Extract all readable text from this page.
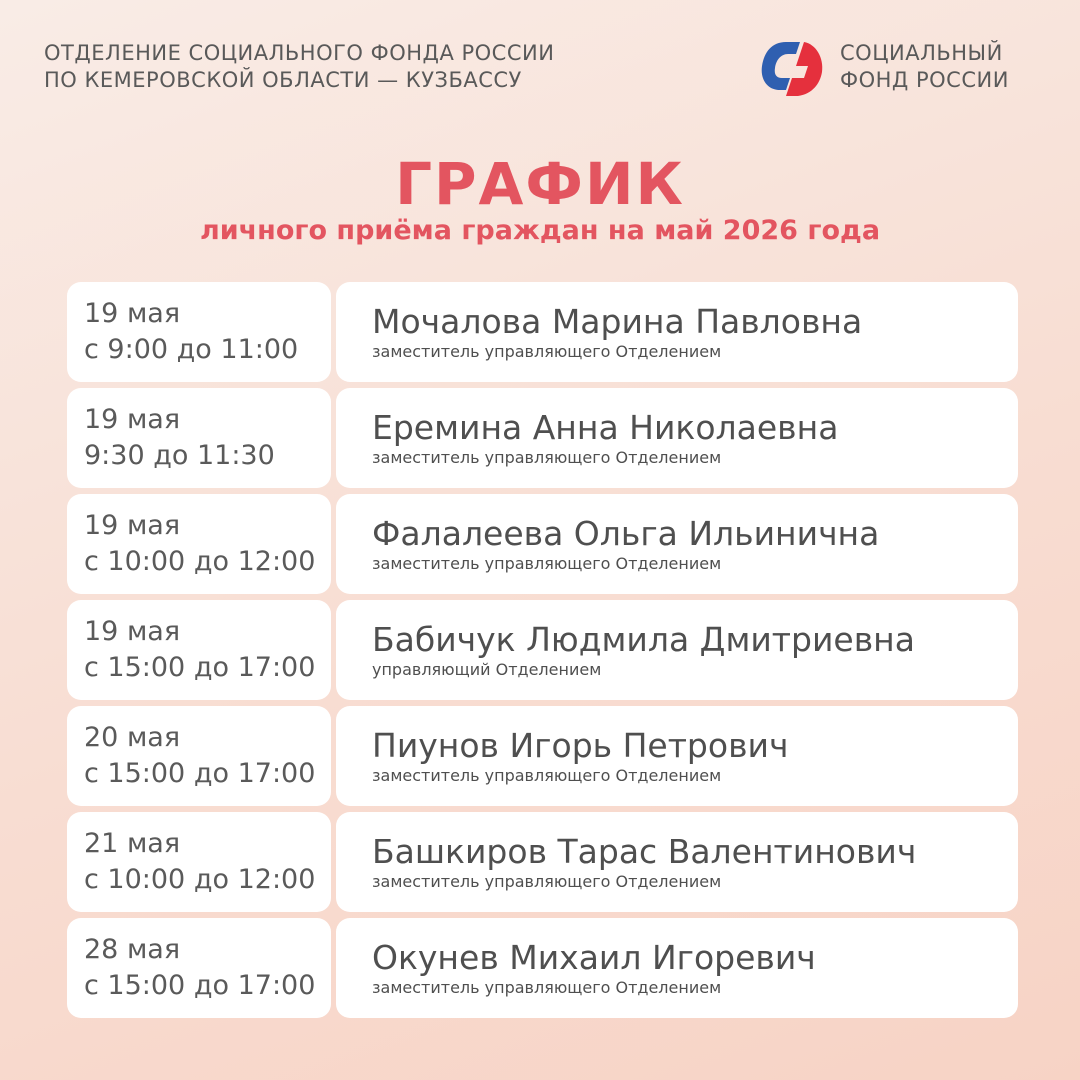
ОТДЕЛЕНИЕ СОЦИАЛЬНОГО ФОНДА РОССИИ
ПО КЕМЕРОВСКОЙ ОБЛАСТИ — КУЗБАССУ
СОЦИАЛЬНЫЙ
ФОНД РОССИИ
ГРАФИК
личного приёма граждан на май 2026 года
19 мая
с 9:00 до 11:00
Мочалова Марина Павловна
заместитель управляющего Отделением
19 мая
9:30 до 11:30
Еремина Анна Николаевна
заместитель управляющего Отделением
19 мая
с 10:00 до 12:00
Фалалеева Ольга Ильинична
заместитель управляющего Отделением
19 мая
с 15:00 до 17:00
Бабичук Людмила Дмитриевна
управляющий Отделением
20 мая
с 15:00 до 17:00
Пиунов Игорь Петрович
заместитель управляющего Отделением
21 мая
с 10:00 до 12:00
Башкиров Тарас Валентинович
заместитель управляющего Отделением
28 мая
с 15:00 до 17:00
Окунев Михаил Игоревич
заместитель управляющего Отделением
